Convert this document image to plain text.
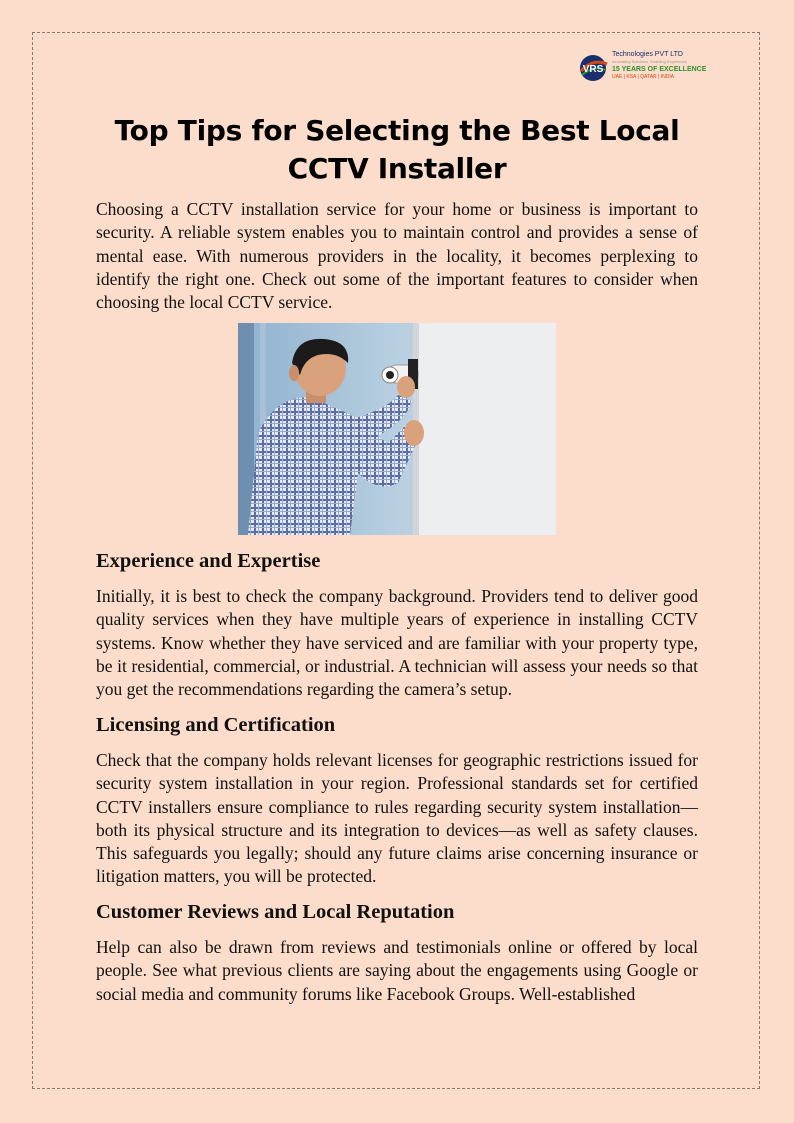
VRS
Technologies PVT LTD
Innovating Solutions, Enabling Experience
15 YEARS OF EXCELLENCE
UAE | KSA | QATAR | INDIA
Top Tips for Selecting the Best Local CCTV Installer

Choosing a CCTV installation service for your home or business is important to security. A reliable system enables you to maintain control and provides a sense of mental ease. With numerous providers in the locality, it becomes perplexing to identify the right one. Check out some of the important features to consider when choosing the local CCTV service.

Experience and Expertise

Initially, it is best to check the company background. Providers tend to deliver good quality services when they have multiple years of experience in installing CCTV systems. Know whether they have serviced and are familiar with your property type, be it residential, commercial, or industrial. A technician will assess your needs so that you get the recommendations regarding the camera’s setup.

Licensing and Certification

Check that the company holds relevant licenses for geographic restrictions issued for security system installation in your region. Professional standards set for certified CCTV installers ensure compliance to rules regarding security system installation—both its physical structure and its integration to devices—as well as safety clauses. This safeguards you legally; should any future claims arise concerning insurance or litigation matters, you will be protected.

Customer Reviews and Local Reputation

Help can also be drawn from reviews and testimonials online or offered by local people. See what previous clients are saying about the engagements using Google or social media and community forums like Facebook Groups. Well-established
